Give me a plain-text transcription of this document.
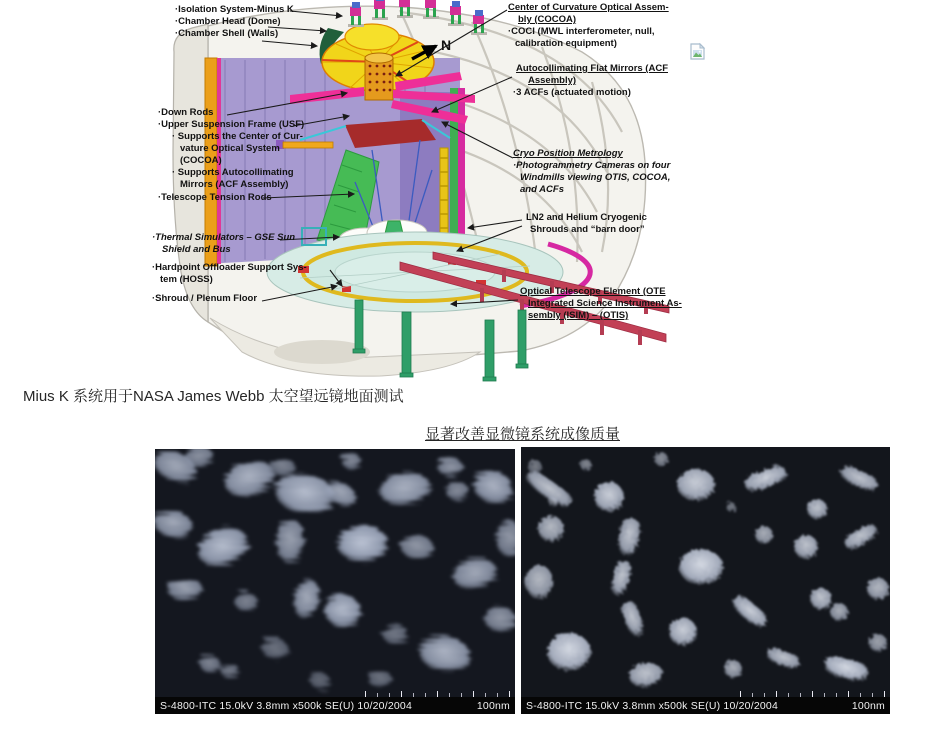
N
·Isolation System-Minus K
·Chamber Head (Dome)
·Chamber Shell (Walls)
·Down Rods
·Upper Suspension Frame (USF)
· Supports the Center of Cur-
vature Optical System
(COCOA)
· Supports Autocollimating
Mirrors (ACF Assembly)
·Telescope Tension Rods
·Thermal Simulators – GSE Sun
Shield and Bus
·Hardpoint Offloader Support Sys-
tem (HOSS)
·Shroud / Plenum Floor
Center of Curvature Optical Assem-
bly (COCOA)
·COCI (MWL interferometer, null,
calibration equipment)
Autocollimating Flat Mirrors (ACF
Assembly)
·3 ACFs (actuated motion)
Cryo Position Metrology
·Photogrammetry Cameras on four
Windmills viewing OTIS, COCOA,
and ACFs
LN2 and Helium Cryogenic
Shrouds and “barn door”
Optical Telescope Element (OTE
Integrated Science Instrument As-
sembly (ISIM) – (OTIS)
Mius K 系统用于NASA James Webb 太空望远镜地面测试
显著改善显微镜系统成像质量
S-4800-ITC 15.0kV 3.8mm x500k SE(U) 10/20/2004	100nm S-4800-ITC 15.0kV 3.8mm x500k SE(U) 10/20/2004	100nm
